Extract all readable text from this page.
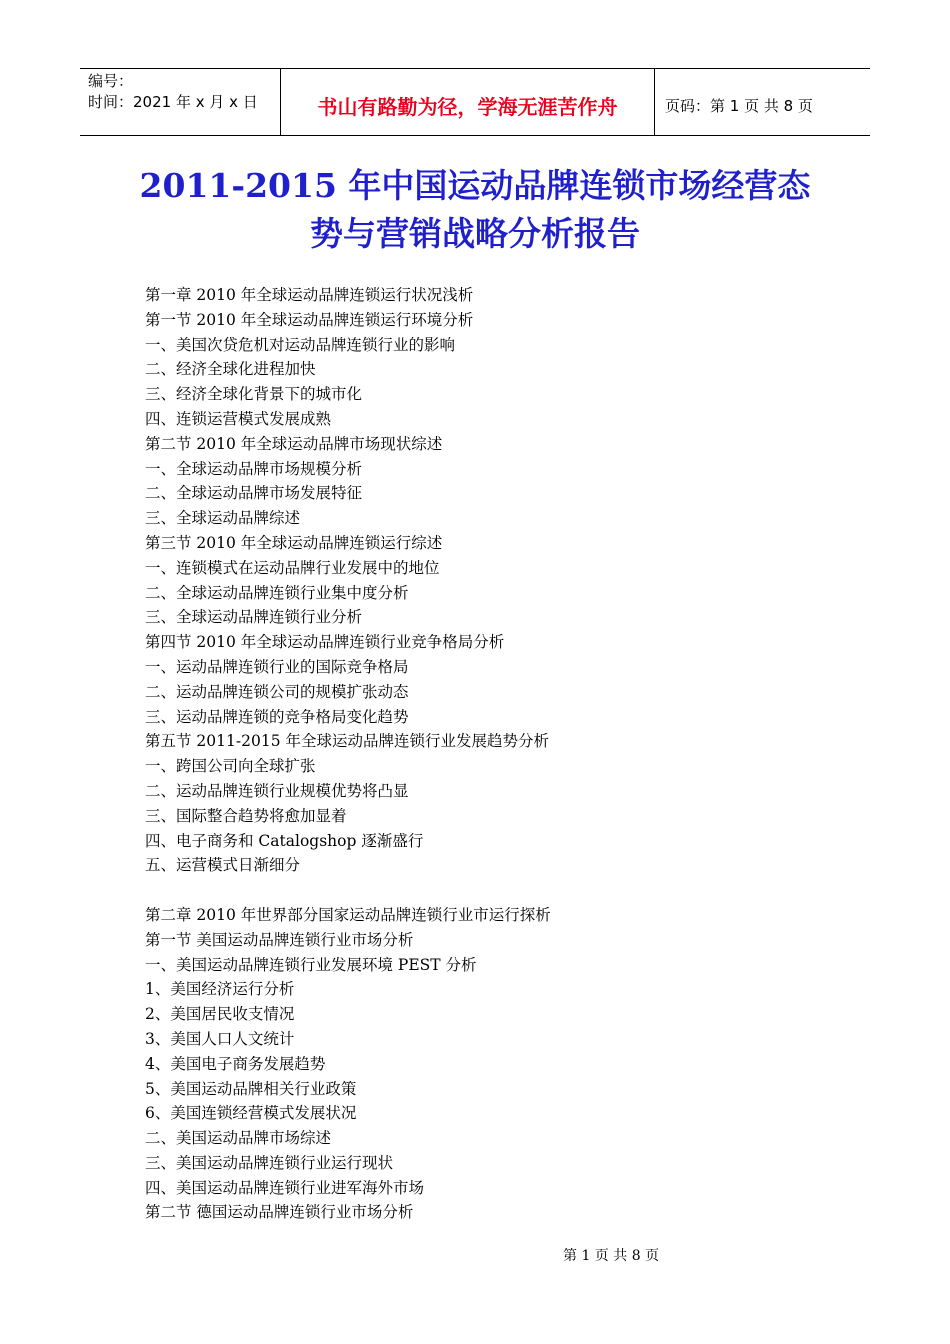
编号：
时间：2021 年 x 月 x 日	书山有路勤为径，学海无涯苦作舟	页码：第 1 页 共 8 页
2011-2015 年中国运动品牌连锁市场经营态
势与营销战略分析报告
第一章 2010 年全球运动品牌连锁运行状况浅析
第一节 2010 年全球运动品牌连锁运行环境分析
一、美国次贷危机对运动品牌连锁行业的影响
二、经济全球化进程加快
三、经济全球化背景下的城市化
四、连锁运营模式发展成熟
第二节 2010 年全球运动品牌市场现状综述
一、全球运动品牌市场规模分析
二、全球运动品牌市场发展特征
三、全球运动品牌综述
第三节 2010 年全球运动品牌连锁运行综述
一、连锁模式在运动品牌行业发展中的地位
二、全球运动品牌连锁行业集中度分析
三、全球运动品牌连锁行业分析
第四节 2010 年全球运动品牌连锁行业竞争格局分析
一、运动品牌连锁行业的国际竞争格局
二、运动品牌连锁公司的规模扩张动态
三、运动品牌连锁的竞争格局变化趋势
第五节 2011-2015 年全球运动品牌连锁行业发展趋势分析
一、跨国公司向全球扩张
二、运动品牌连锁行业规模优势将凸显
三、国际整合趋势将愈加显着
四、电子商务和 Catalogshop 逐渐盛行
五、运营模式日渐细分
第二章 2010 年世界部分国家运动品牌连锁行业市运行探析
第一节 美国运动品牌连锁行业市场分析
一、美国运动品牌连锁行业发展环境 PEST 分析
1、美国经济运行分析
2、美国居民收支情况
3、美国人口人文统计
4、美国电子商务发展趋势
5、美国运动品牌相关行业政策
6、美国连锁经营模式发展状况
二、美国运动品牌市场综述
三、美国运动品牌连锁行业运行现状
四、美国运动品牌连锁行业进军海外市场
第二节 德国运动品牌连锁行业市场分析
第 1 页 共 8 页
